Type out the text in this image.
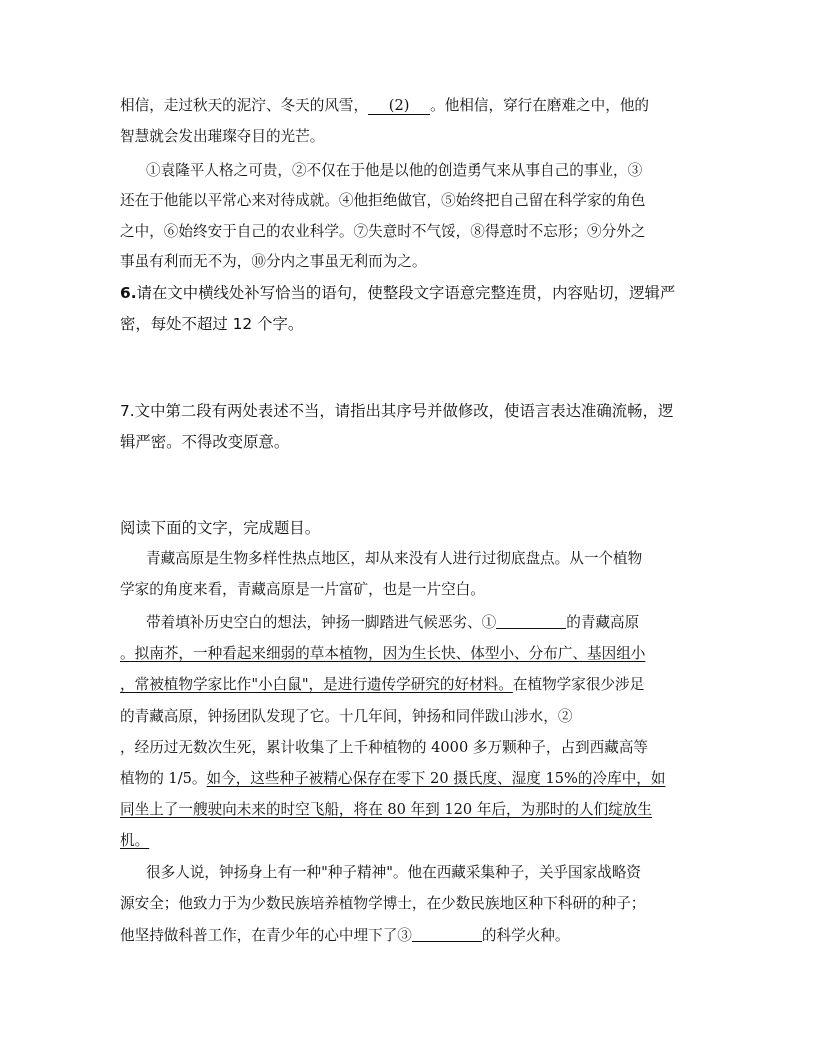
相信，走过秋天的泥泞、冬天的风雪， (2) 。他相信，穿行在磨难之中，他的
智慧就会发出璀璨夺目的光芒。
①袁隆平人格之可贵，②不仅在于他是以他的创造勇气来从事自己的事业，③
还在于他能以平常心来对待成就。④他拒绝做官，⑤始终把自己留在科学家的角色
之中，⑥始终安于自己的农业科学。⑦失意时不气馁，⑧得意时不忘形；⑨分外之
事虽有利而无不为，⑩分内之事虽无利而为之。
6.请在文中横线处补写恰当的语句，使整段文字语意完整连贯，内容贴切，逻辑严
密，每处不超过 12 个字。
7.文中第二段有两处表述不当，请指出其序号并做修改，使语言表达准确流畅，逻
辑严密。不得改变原意。
阅读下面的文字，完成题目。
青藏高原是生物多样性热点地区，却从来没有人进行过彻底盘点。从一个植物
学家的角度来看，青藏高原是一片富矿，也是一片空白。
带着填补历史空白的想法，钟扬一脚踏进气候恶劣、①	的青藏高原
。拟南芥，一种看起来细弱的草本植物，因为生长快、体型小、分布广、基因组小
，常被植物学家比作"小白鼠"，是进行遗传学研究的好材料。在植物学家很少涉足
的青藏高原，钟扬团队发现了它。十几年间，钟扬和同伴跋山涉水，②
，经历过无数次生死，累计收集了上千种植物的 4000 多万颗种子，占到西藏高等
植物的 1/5。如今，这些种子被精心保存在零下 20 摄氏度、湿度 15%的冷库中，如
同坐上了一艘驶向未来的时空飞船，将在 80 年到 120 年后，为那时的人们绽放生
机。
很多人说，钟扬身上有一种"种子精神"。他在西藏采集种子，关乎国家战略资
源安全；他致力于为少数民族培养植物学博士，在少数民族地区种下科研的种子；
他坚持做科普工作，在青少年的心中埋下了③	的科学火种。
